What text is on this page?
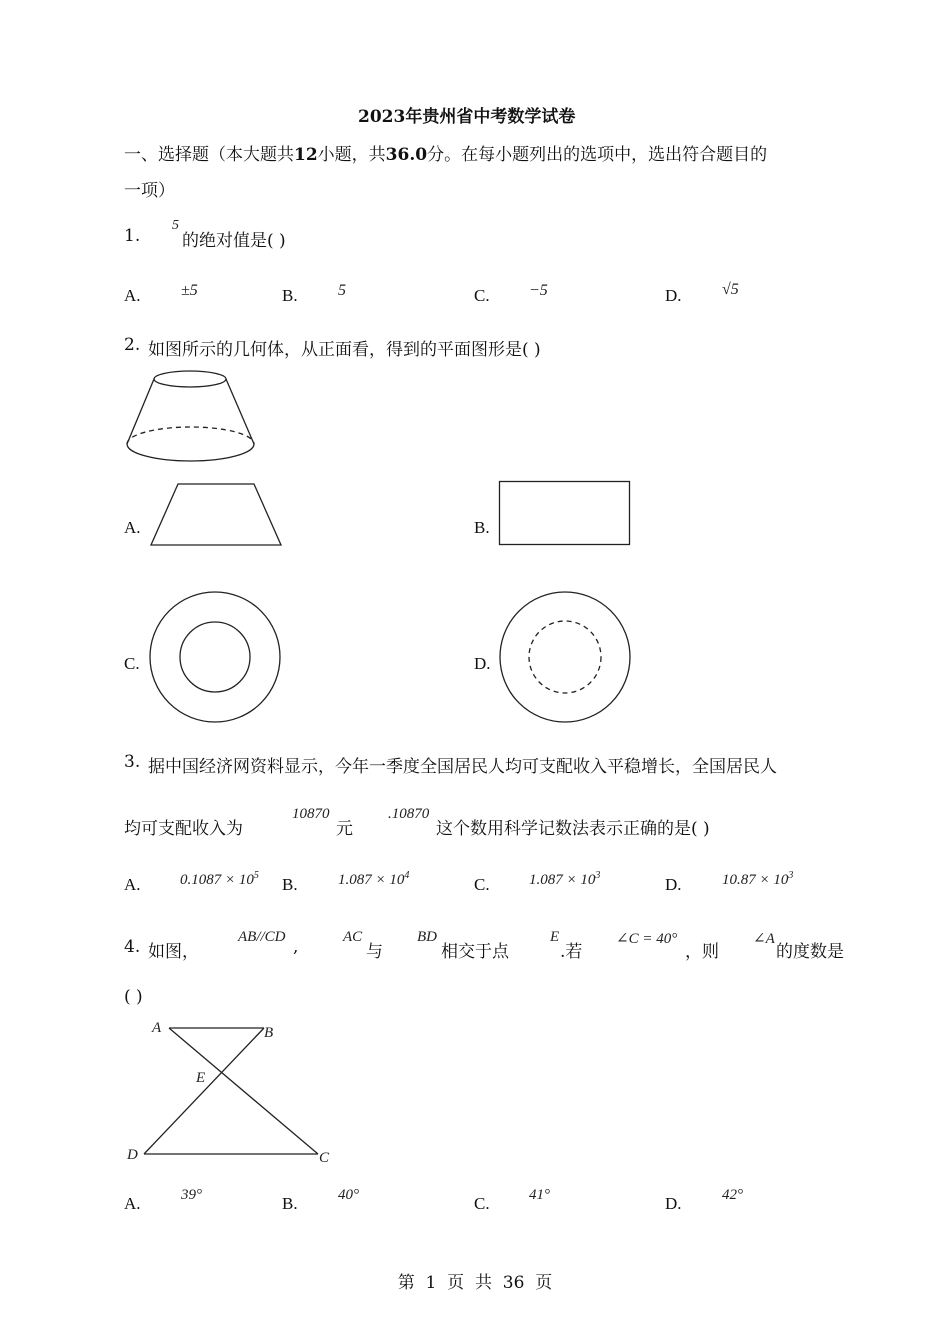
2023年贵州省中考数学试卷
一、选择题（本大题共12小题，共36.0分。在每小题列出的选项中，选出符合题目的
一项）
1.
5
的绝对值是( )
A.	±5	B.	5	C. −5	D.	√5
2. 如图所示的几何体，从正面看，得到的平面图形是( )
A.	B.
C.	D.
3. 据中国经济网资料显示，今年一季度全国居民人均可支配收入平稳增长，全国居民人
均可支配收入为
10870
元
.10870
这个数用科学记数法表示正确的是( )
A.	$0.1087 \times 10^5$ B.	$1.087 \times 10^4$	C.	$1.087 \times 10^3$	D.	$10.87 \times 10^3$
4. 如图，
AB//CD ,	AC
与
BD
相交于点
E
.若
∠C = 40°
，则
∠A
的度数是
( )
A	B
E
D	C
A.	39°	B.	40°	C.	41°	D.	42°
第  1  页  共  36  页
